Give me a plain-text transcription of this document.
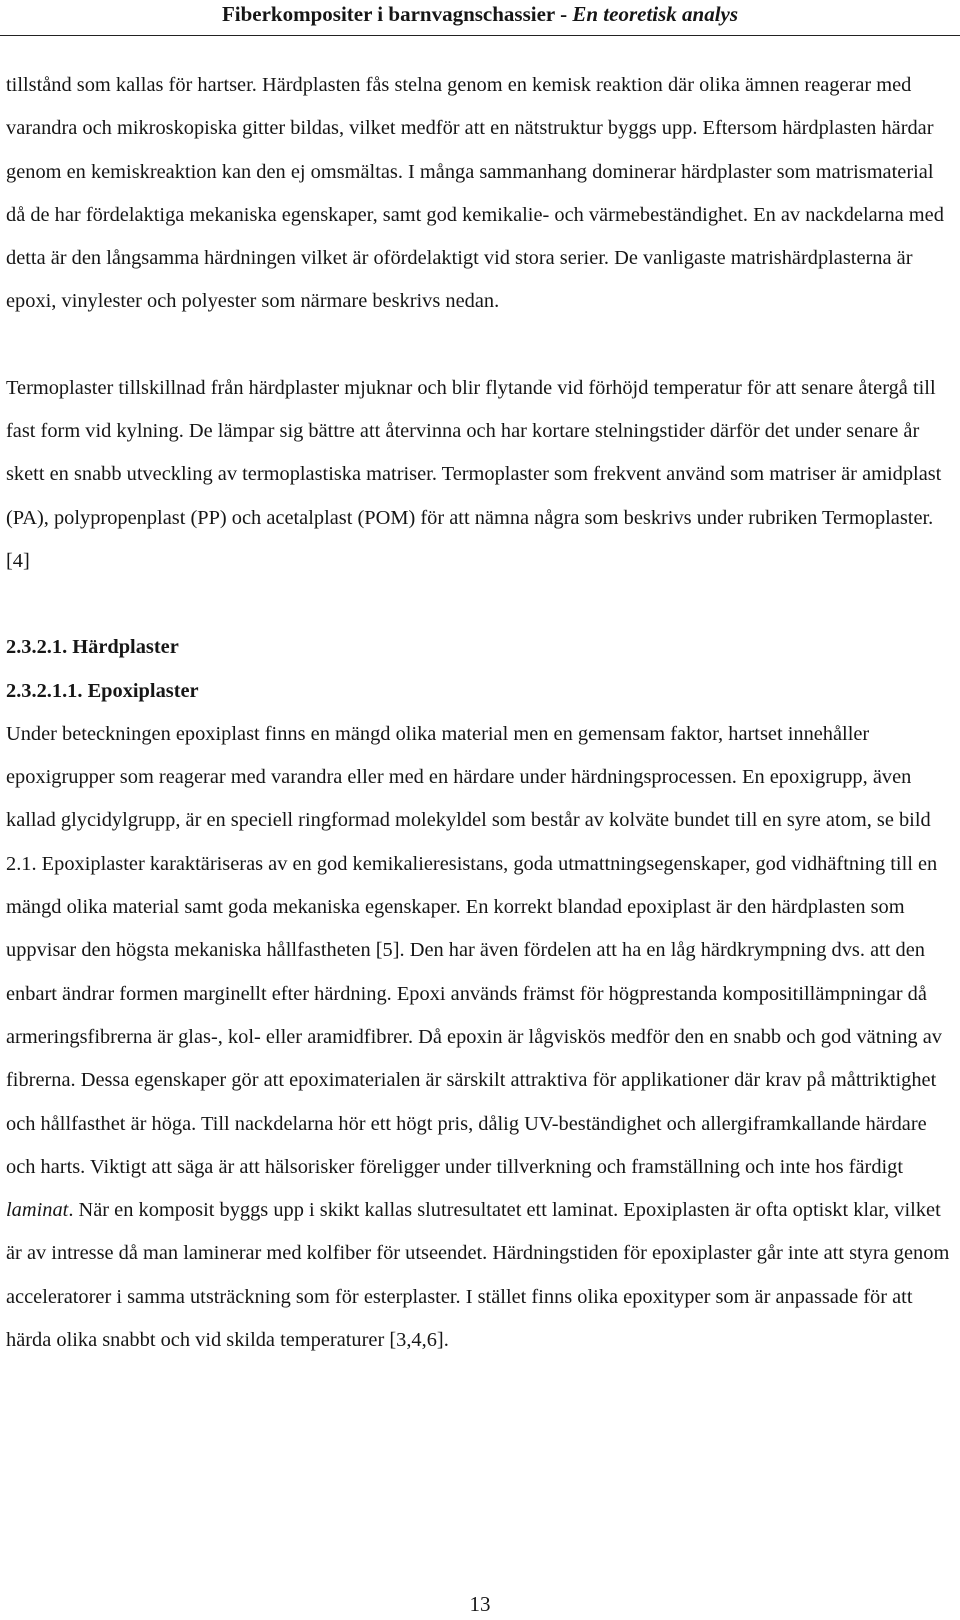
Fiberkompositer i barnvagnschassier - En teoretisk analys

tillstånd som kallas för hartser. Härdplasten fås stelna genom en kemisk reaktion där olika ämnen reagerar med varandra och mikroskopiska gitter bildas, vilket medför att en nätstruktur byggs upp. Eftersom härdplasten härdar genom en kemiskreaktion kan den ej omsmältas. I många sammanhang dominerar härdplaster som matrismaterial då de har fördelaktiga mekaniska egenskaper, samt god kemikalie- och värmebeständighet. En av nackdelarna med detta är den långsamma härdningen vilket är ofördelaktigt vid stora serier. De vanligaste matrishärdplasterna är epoxi, vinylester och polyester som närmare beskrivs nedan.

Termoplaster tillskillnad från härdplaster mjuknar och blir flytande vid förhöjd temperatur för att senare återgå till fast form vid kylning. De lämpar sig bättre att återvinna och har kortare stelningstider därför det under senare år skett en snabb utveckling av termoplastiska matriser. Termoplaster som frekvent använd som matriser är amidplast (PA), polypropenplast (PP) och acetalplast (POM) för att nämna några som beskrivs under rubriken Termoplaster. [4]

2.3.2.1. Härdplaster

2.3.2.1.1. Epoxiplaster

Under beteckningen epoxiplast finns en mängd olika material men en gemensam faktor, hartset innehåller epoxigrupper som reagerar med varandra eller med en härdare under härdningsprocessen. En epoxigrupp, även kallad glycidylgrupp, är en speciell ringformad molekyldel som består av kolväte bundet till en syre atom, se bild 2.1. Epoxiplaster karaktäriseras av en god kemikalieresistans, goda utmattningsegenskaper, god vidhäftning till en mängd olika material samt goda mekaniska egenskaper. En korrekt blandad epoxiplast är den härdplasten som uppvisar den högsta mekaniska hållfastheten [5]. Den har även fördelen att ha en låg härdkrympning dvs. att den enbart ändrar formen marginellt efter härdning. Epoxi används främst för högprestanda kompositillämpningar då armeringsfibrerna är glas-, kol- eller aramidfibrer. Då epoxin är lågviskös medför den en snabb och god vätning av fibrerna. Dessa egenskaper gör att epoximaterialen är särskilt attraktiva för applikationer där krav på måttriktighet och hållfasthet är höga. Till nackdelarna hör ett högt pris, dålig UV-beständighet och allergiframkallande härdare och harts. Viktigt att säga är att hälsorisker föreligger under tillverkning och framställning och inte hos färdigt laminat. När en komposit byggs upp i skikt kallas slutresultatet ett laminat. Epoxiplasten är ofta optiskt klar, vilket är av intresse då man laminerar med kolfiber för utseendet. Härdningstiden för epoxiplaster går inte att styra genom acceleratorer i samma utsträckning som för esterplaster. I stället finns olika epoxityper som är anpassade för att härda olika snabbt och vid skilda temperaturer [3,4,6].

13
